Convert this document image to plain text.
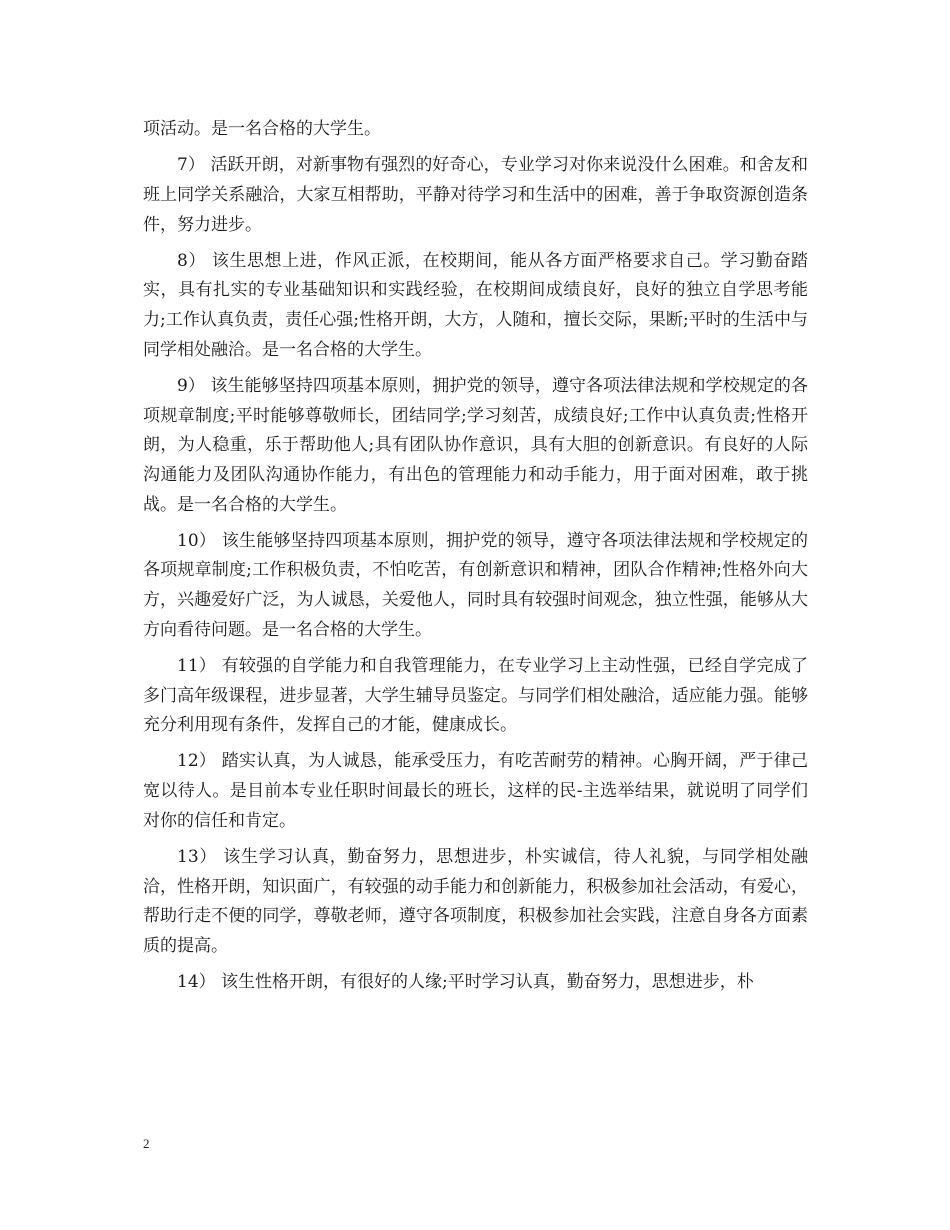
项活动。是一名合格的大学生。

7） 活跃开朗，对新事物有强烈的好奇心，专业学习对你来说没什么困难。和舍友和班上同学关系融洽，大家互相帮助，平静对待学习和生活中的困难，善于争取资源创造条件，努力进步。

8） 该生思想上进，作风正派，在校期间，能从各方面严格要求自己。学习勤奋踏实，具有扎实的专业基础知识和实践经验，在校期间成绩良好，良好的独立自学思考能力;工作认真负责，责任心强;性格开朗，大方，人随和，擅长交际，果断;平时的生活中与同学相处融洽。是一名合格的大学生。

9） 该生能够坚持四项基本原则，拥护党的领导，遵守各项法律法规和学校规定的各项规章制度;平时能够尊敬师长，团结同学;学习刻苦，成绩良好;工作中认真负责;性格开朗，为人稳重，乐于帮助他人;具有团队协作意识，具有大胆的创新意识。有良好的人际沟通能力及团队沟通协作能力，有出色的管理能力和动手能力，用于面对困难，敢于挑战。是一名合格的大学生。

10） 该生能够坚持四项基本原则，拥护党的领导，遵守各项法律法规和学校规定的各项规章制度;工作积极负责，不怕吃苦，有创新意识和精神，团队合作精神;性格外向大方，兴趣爱好广泛，为人诚恳，关爱他人，同时具有较强时间观念，独立性强，能够从大方向看待问题。是一名合格的大学生。

11） 有较强的自学能力和自我管理能力，在专业学习上主动性强，已经自学完成了多门高年级课程，进步显著，大学生辅导员鉴定。与同学们相处融洽，适应能力强。能够充分利用现有条件，发挥自己的才能，健康成长。

12） 踏实认真，为人诚恳，能承受压力，有吃苦耐劳的精神。心胸开阔，严于律己宽以待人。是目前本专业任职时间最长的班长，这样的民-主选举结果，就说明了同学们对你的信任和肯定。

13） 该生学习认真，勤奋努力，思想进步，朴实诚信，待人礼貌，与同学相处融洽，性格开朗，知识面广，有较强的动手能力和创新能力，积极参加社会活动，有爱心，帮助行走不便的同学，尊敬老师，遵守各项制度，积极参加社会实践，注意自身各方面素质的提高。

14） 该生性格开朗，有很好的人缘;平时学习认真，勤奋努力，思想进步，朴

2
